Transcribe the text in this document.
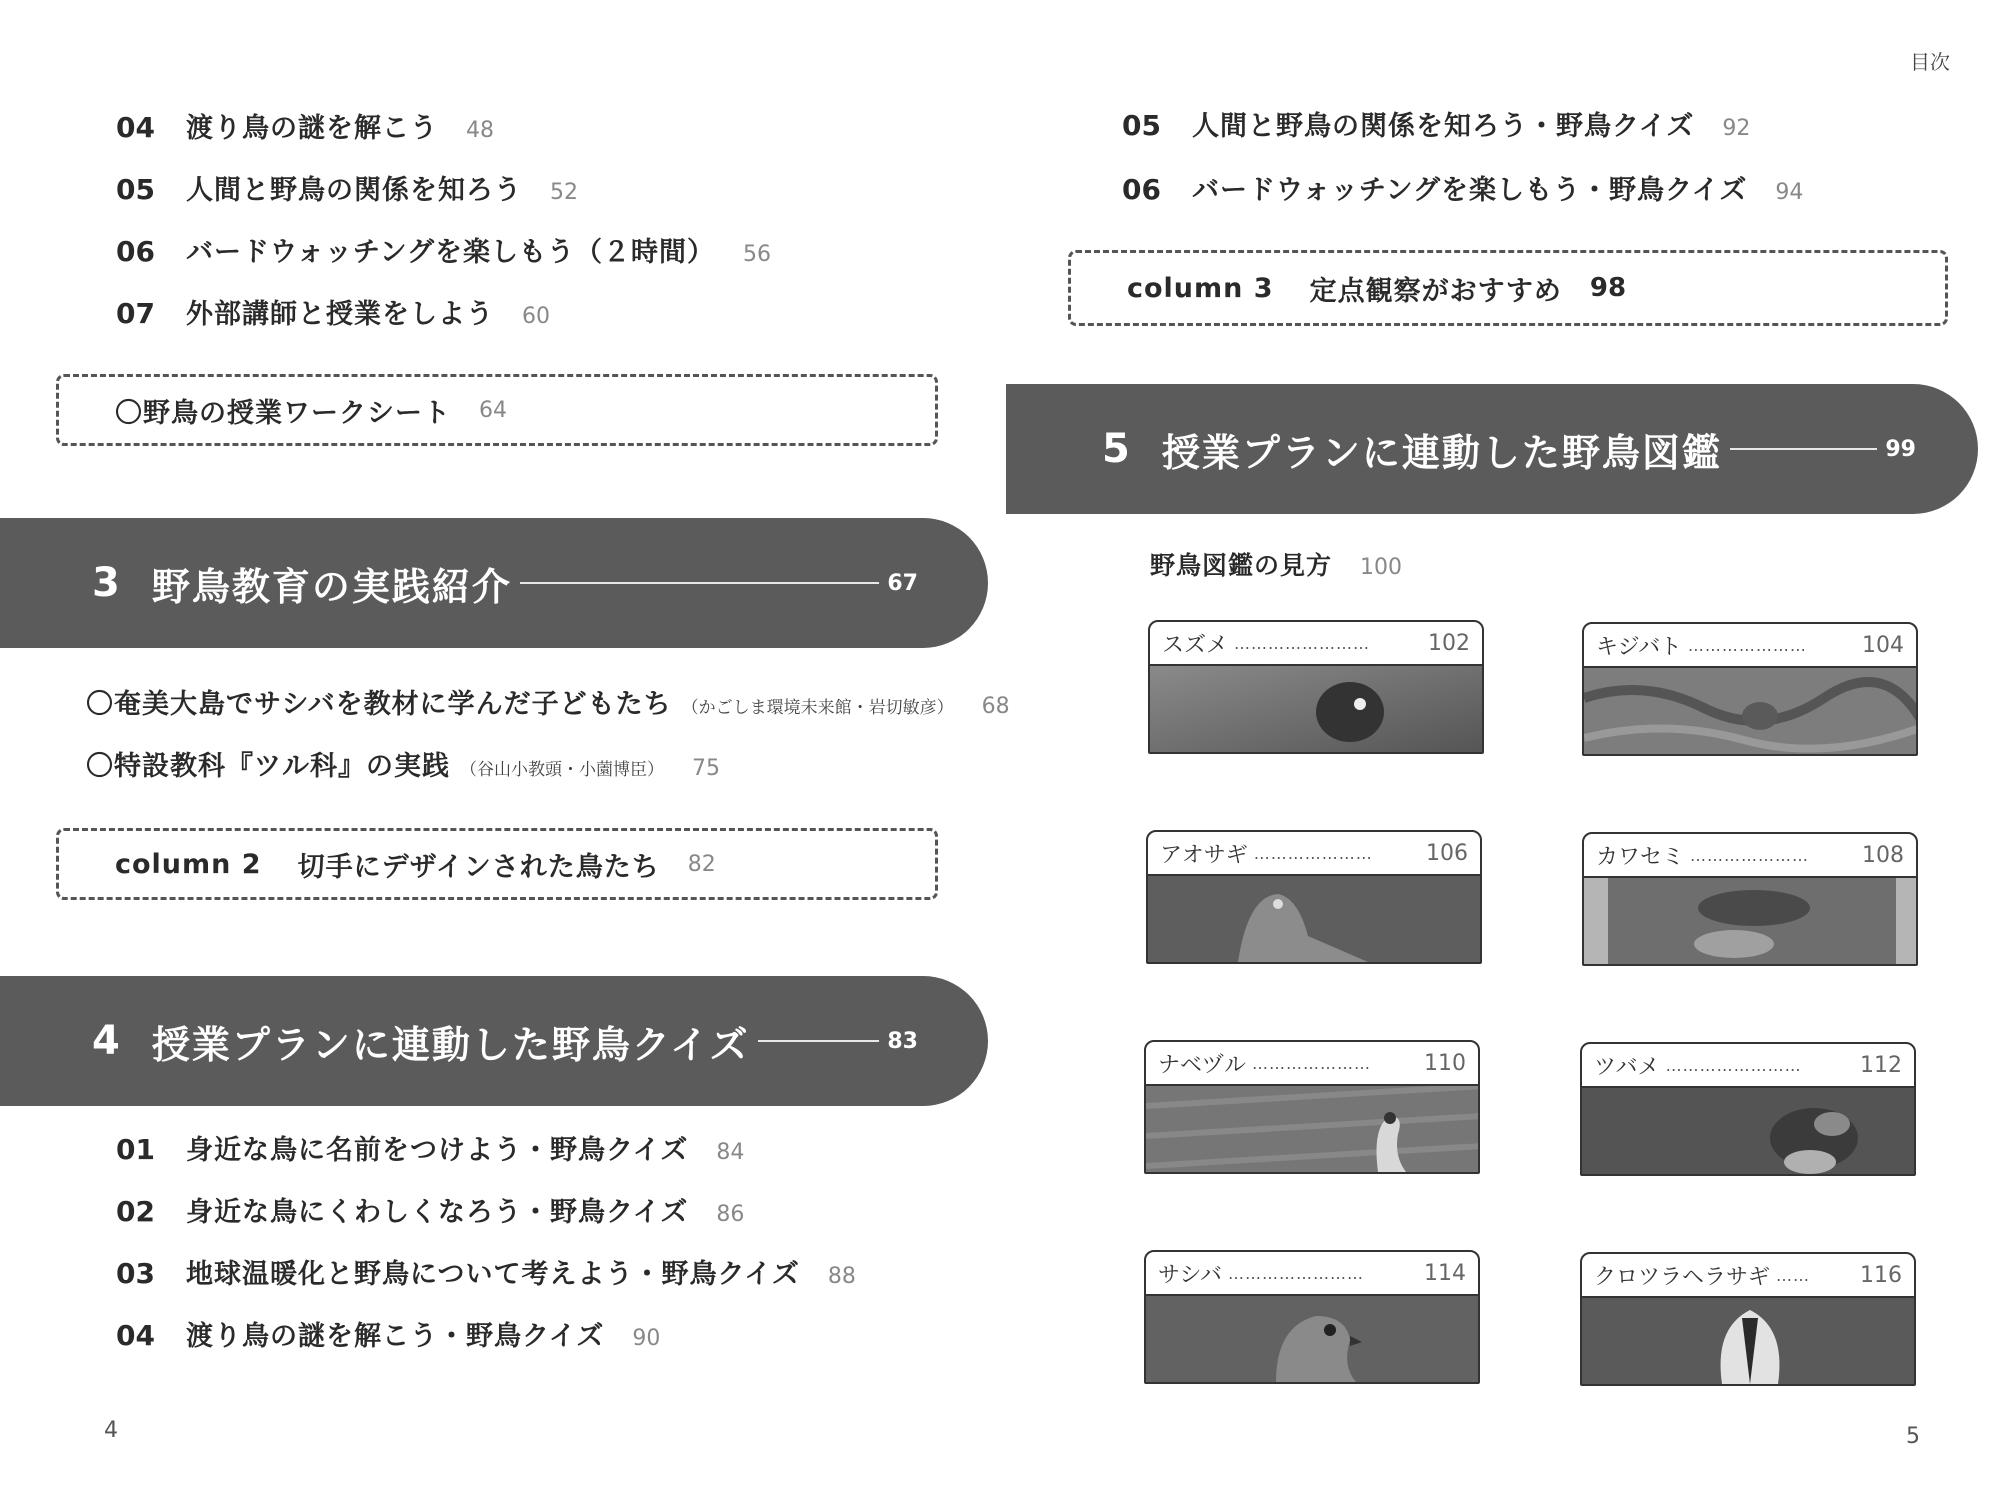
目次
04	渡り鳥の謎を解こう 48
05	人間と野鳥の関係を知ろう 52
06	バードウォッチングを楽しもう（２時間） 56
07	外部講師と授業をしよう 60
〇野鳥の授業ワークシート 64
3 野鳥教育の実践紹介	67
〇奄美大島でサシバを教材に学んだ子どもたち （かごしま環境未来館・岩切敏彦） 68
〇特設教科『ツル科』の実践 （谷山小教頭・小薗博臣） 75
column 2 切手にデザインされた鳥たち 82
4 授業プランに連動した野鳥クイズ	83
01	身近な鳥に名前をつけよう・野鳥クイズ 84
02	身近な鳥にくわしくなろう・野鳥クイズ 86
03	地球温暖化と野鳥について考えよう・野鳥クイズ 88
04	渡り鳥の謎を解こう・野鳥クイズ 90
4
05	人間と野鳥の関係を知ろう・野鳥クイズ 92
06	バードウォッチングを楽しもう・野鳥クイズ 94
column 3 定点観察がおすすめ 98
5 授業プランに連動した野鳥図鑑	99
野鳥図鑑の見方 100
スズメ ……………………	102	キジバト …………………	104
アオサギ …………………	106	カワセミ …………………	108
ナベヅル …………………	110	ツバメ ……………………	112
サシバ ……………………	114	クロツラヘラサギ ……	116
5
